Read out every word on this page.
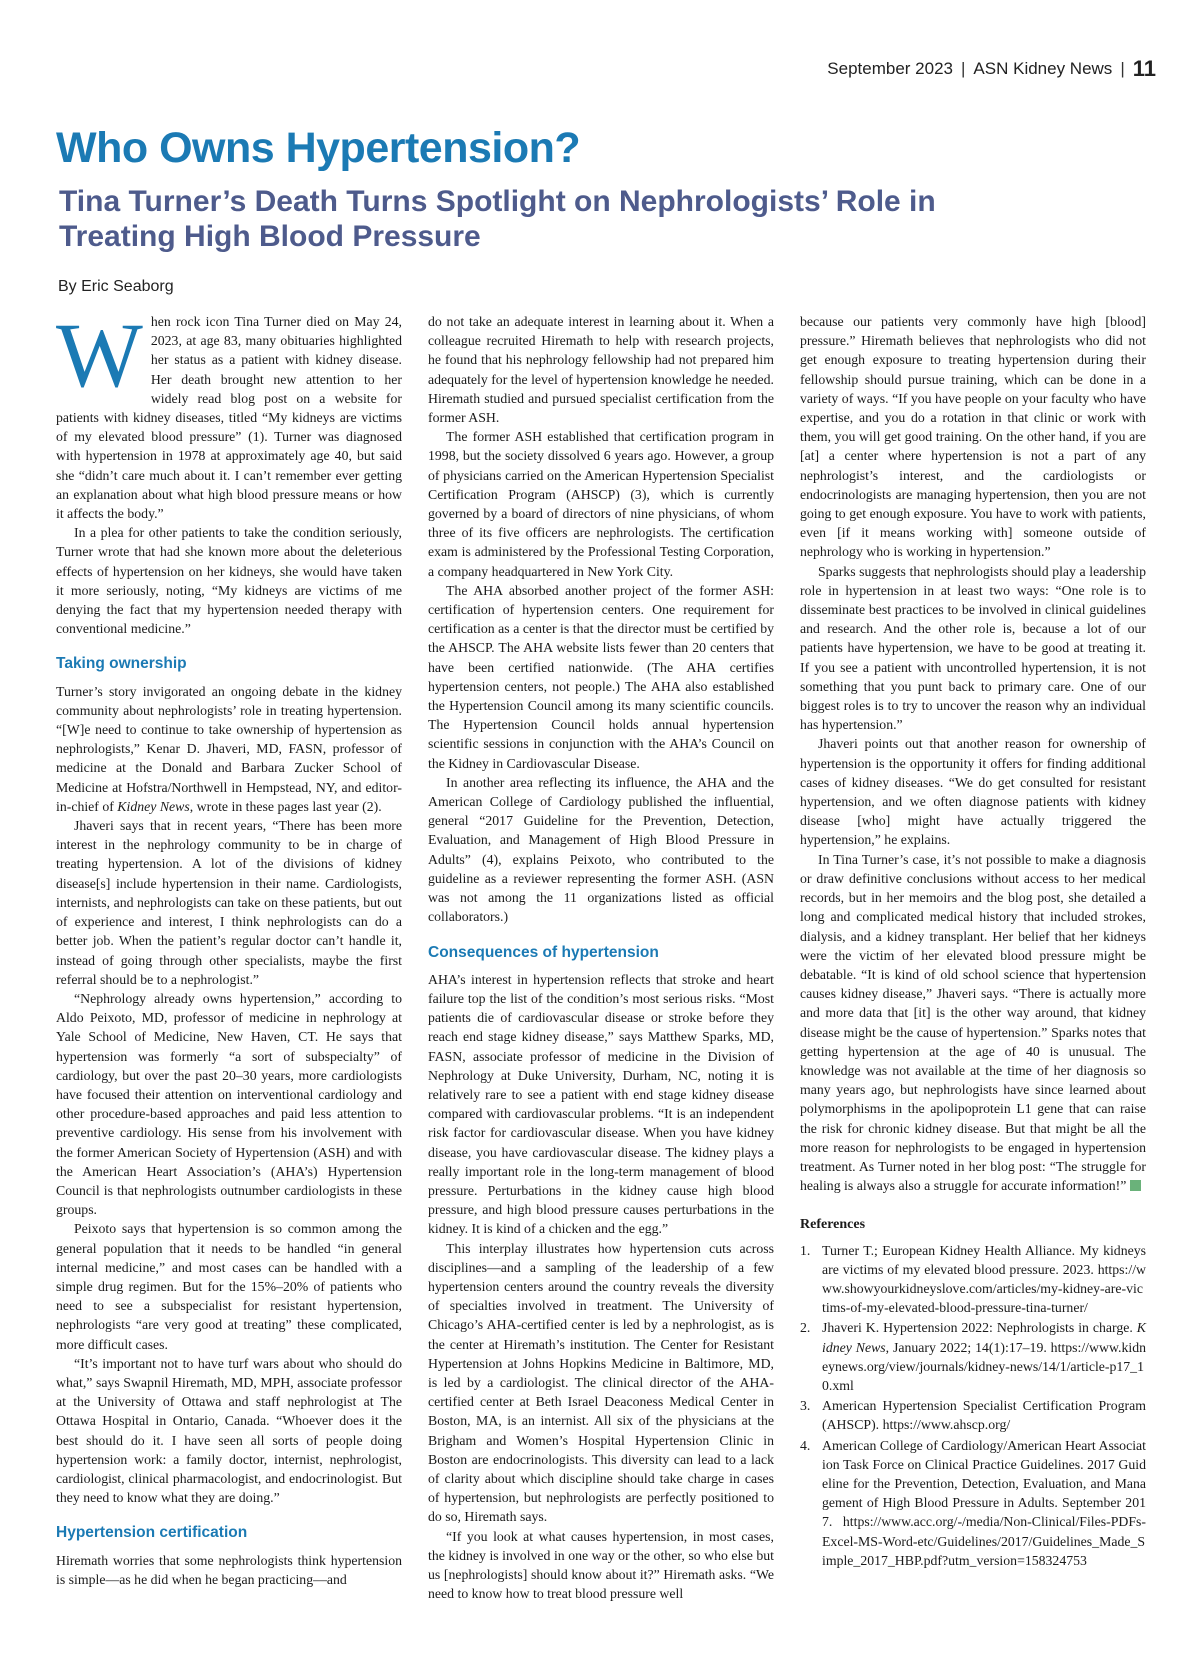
September 2023 | ASN Kidney News | 11
Who Owns Hypertension?
Tina Turner’s Death Turns Spotlight on Nephrologists’ Role in Treating High Blood Pressure
By Eric Seaborg

When rock icon Tina Turner died on May 24, 2023, at age 83, many obituaries highlighted her status as a patient with kidney disease. Her death brought new attention to her widely read blog post on a website for patients with kidney diseases, titled “My kidneys are victims of my elevated blood pressure” (1). Turner was diagnosed with hypertension in 1978 at approximately age 40, but said she “didn’t care much about it. I can’t remember ever getting an explanation about what high blood pressure means or how it affects the body.”

In a plea for other patients to take the condition seriously, Turner wrote that had she known more about the deleterious effects of hypertension on her kidneys, she would have taken it more seriously, noting, “My kidneys are victims of me denying the fact that my hypertension needed therapy with conventional medicine.”

Taking ownership

Turner’s story invigorated an ongoing debate in the kidney community about nephrologists’ role in treating hypertension. “[W]e need to continue to take ownership of hypertension as nephrologists,” Kenar D. Jhaveri, MD, FASN, professor of medicine at the Donald and Barbara Zucker School of Medicine at Hofstra/Northwell in Hempstead, NY, and editor-in-chief of Kidney News, wrote in these pages last year (2).

Jhaveri says that in recent years, “There has been more interest in the nephrology community to be in charge of treating hypertension. A lot of the divisions of kidney disease[s] include hypertension in their name. Cardiologists, internists, and nephrologists can take on these patients, but out of experience and interest, I think nephrologists can do a better job. When the patient’s regular doctor can’t handle it, instead of going through other specialists, maybe the first referral should be to a nephrologist.”

“Nephrology already owns hypertension,” according to Aldo Peixoto, MD, professor of medicine in nephrology at Yale School of Medicine, New Haven, CT. He says that hypertension was formerly “a sort of subspecialty” of cardiology, but over the past 20–30 years, more cardiologists have focused their attention on interventional cardiology and other procedure-based approaches and paid less attention to preventive cardiology. His sense from his involvement with the former American Society of Hypertension (ASH) and with the American Heart Association’s (AHA’s) Hypertension Council is that nephrologists outnumber cardiologists in these groups.

Peixoto says that hypertension is so common among the general population that it needs to be handled “in general internal medicine,” and most cases can be handled with a simple drug regimen. But for the 15%–20% of patients who need to see a subspecialist for resistant hypertension, nephrologists “are very good at treating” these complicated, more difficult cases.

“It’s important not to have turf wars about who should do what,” says Swapnil Hiremath, MD, MPH, associate professor at the University of Ottawa and staff nephrologist at The Ottawa Hospital in Ontario, Canada. “Whoever does it the best should do it. I have seen all sorts of people doing hypertension work: a family doctor, internist, nephrologist, cardiologist, clinical pharmacologist, and endocrinologist. But they need to know what they are doing.”

Hypertension certification

Hiremath worries that some nephrologists think hypertension is simple—as he did when he began practicing—and

do not take an adequate interest in learning about it. When a colleague recruited Hiremath to help with research projects, he found that his nephrology fellowship had not prepared him adequately for the level of hypertension knowledge he needed. Hiremath studied and pursued specialist certification from the former ASH.

The former ASH established that certification program in 1998, but the society dissolved 6 years ago. However, a group of physicians carried on the American Hypertension Specialist Certification Program (AHSCP) (3), which is currently governed by a board of directors of nine physicians, of whom three of its five officers are nephrologists. The certification exam is administered by the Professional Testing Corporation, a company headquartered in New York City.

The AHA absorbed another project of the former ASH: certification of hypertension centers. One requirement for certification as a center is that the director must be certified by the AHSCP. The AHA website lists fewer than 20 centers that have been certified nationwide. (The AHA certifies hypertension centers, not people.) The AHA also established the Hypertension Council among its many scientific councils. The Hypertension Council holds annual hypertension scientific sessions in conjunction with the AHA’s Council on the Kidney in Cardiovascular Disease.

In another area reflecting its influence, the AHA and the American College of Cardiology published the influential, general “2017 Guideline for the Prevention, Detection, Evaluation, and Management of High Blood Pressure in Adults” (4), explains Peixoto, who contributed to the guideline as a reviewer representing the former ASH. (ASN was not among the 11 organizations listed as official collaborators.)

Consequences of hypertension

AHA’s interest in hypertension reflects that stroke and heart failure top the list of the condition’s most serious risks. “Most patients die of cardiovascular disease or stroke before they reach end stage kidney disease,” says Matthew Sparks, MD, FASN, associate professor of medicine in the Division of Nephrology at Duke University, Durham, NC, noting it is relatively rare to see a patient with end stage kidney disease compared with cardiovascular problems. “It is an independent risk factor for cardiovascular disease. When you have kidney disease, you have cardiovascular disease. The kidney plays a really important role in the long-term management of blood pressure. Perturbations in the kidney cause high blood pressure, and high blood pressure causes perturbations in the kidney. It is kind of a chicken and the egg.”

This interplay illustrates how hypertension cuts across disciplines—and a sampling of the leadership of a few hypertension centers around the country reveals the diversity of specialties involved in treatment. The University of Chicago’s AHA-certified center is led by a nephrologist, as is the center at Hiremath’s institution. The Center for Resistant Hypertension at Johns Hopkins Medicine in Baltimore, MD, is led by a cardiologist. The clinical director of the AHA-certified center at Beth Israel Deaconess Medical Center in Boston, MA, is an internist. All six of the physicians at the Brigham and Women’s Hospital Hypertension Clinic in Boston are endocrinologists. This diversity can lead to a lack of clarity about which discipline should take charge in cases of hypertension, but nephrologists are perfectly positioned to do so, Hiremath says.

“If you look at what causes hypertension, in most cases, the kidney is involved in one way or the other, so who else but us [nephrologists] should know about it?” Hiremath asks. “We need to know how to treat blood pressure well

because our patients very commonly have high [blood] pressure.” Hiremath believes that nephrologists who did not get enough exposure to treating hypertension during their fellowship should pursue training, which can be done in a variety of ways. “If you have people on your faculty who have expertise, and you do a rotation in that clinic or work with them, you will get good training. On the other hand, if you are [at] a center where hypertension is not a part of any nephrologist’s interest, and the cardiologists or endocrinologists are managing hypertension, then you are not going to get enough exposure. You have to work with patients, even [if it means working with] someone outside of nephrology who is working in hypertension.”

Sparks suggests that nephrologists should play a leadership role in hypertension in at least two ways: “One role is to disseminate best practices to be involved in clinical guidelines and research. And the other role is, because a lot of our patients have hypertension, we have to be good at treating it. If you see a patient with uncontrolled hypertension, it is not something that you punt back to primary care. One of our biggest roles is to try to uncover the reason why an individual has hypertension.”

Jhaveri points out that another reason for ownership of hypertension is the opportunity it offers for finding additional cases of kidney diseases. “We do get consulted for resistant hypertension, and we often diagnose patients with kidney disease [who] might have actually triggered the hypertension,” he explains.

In Tina Turner’s case, it’s not possible to make a diagnosis or draw definitive conclusions without access to her medical records, but in her memoirs and the blog post, she detailed a long and complicated medical history that included strokes, dialysis, and a kidney transplant. Her belief that her kidneys were the victim of her elevated blood pressure might be debatable. “It is kind of old school science that hypertension causes kidney disease,” Jhaveri says. “There is actually more and more data that [it] is the other way around, that kidney disease might be the cause of hypertension.” Sparks notes that getting hypertension at the age of 40 is unusual. The knowledge was not available at the time of her diagnosis so many years ago, but nephrologists have since learned about polymorphisms in the apolipoprotein L1 gene that can raise the risk for chronic kidney disease. But that might be all the more reason for nephrologists to be engaged in hypertension treatment. As Turner noted in her blog post: “The struggle for healing is always also a struggle for accurate information!”

References
1. Turner T.; European Kidney Health Alliance. My kidneys are victims of my elevated blood pressure. 2023. https://www.showyourkidneyslove.com/articles/my-kidney-are-victims-of-my-elevated-blood-pressure-tina-turner/
2. Jhaveri K. Hypertension 2022: Nephrologists in charge. Kidney News, January 2022; 14(1):17–19. https://www.kidneynews.org/view/journals/kidney-news/14/1/article-p17_10.xml
3. American Hypertension Specialist Certification Program (AHSCP). https://www.ahscp.org/
4. American College of Cardiology/American Heart Association Task Force on Clinical Practice Guidelines. 2017 Guideline for the Prevention, Detection, Evaluation, and Management of High Blood Pressure in Adults. September 2017. https://www.acc.org/-/media/Non-Clinical/Files-PDFs-Excel-MS-Word-etc/Guidelines/2017/Guidelines_Made_Simple_2017_HBP.pdf?utm_version=158324753
